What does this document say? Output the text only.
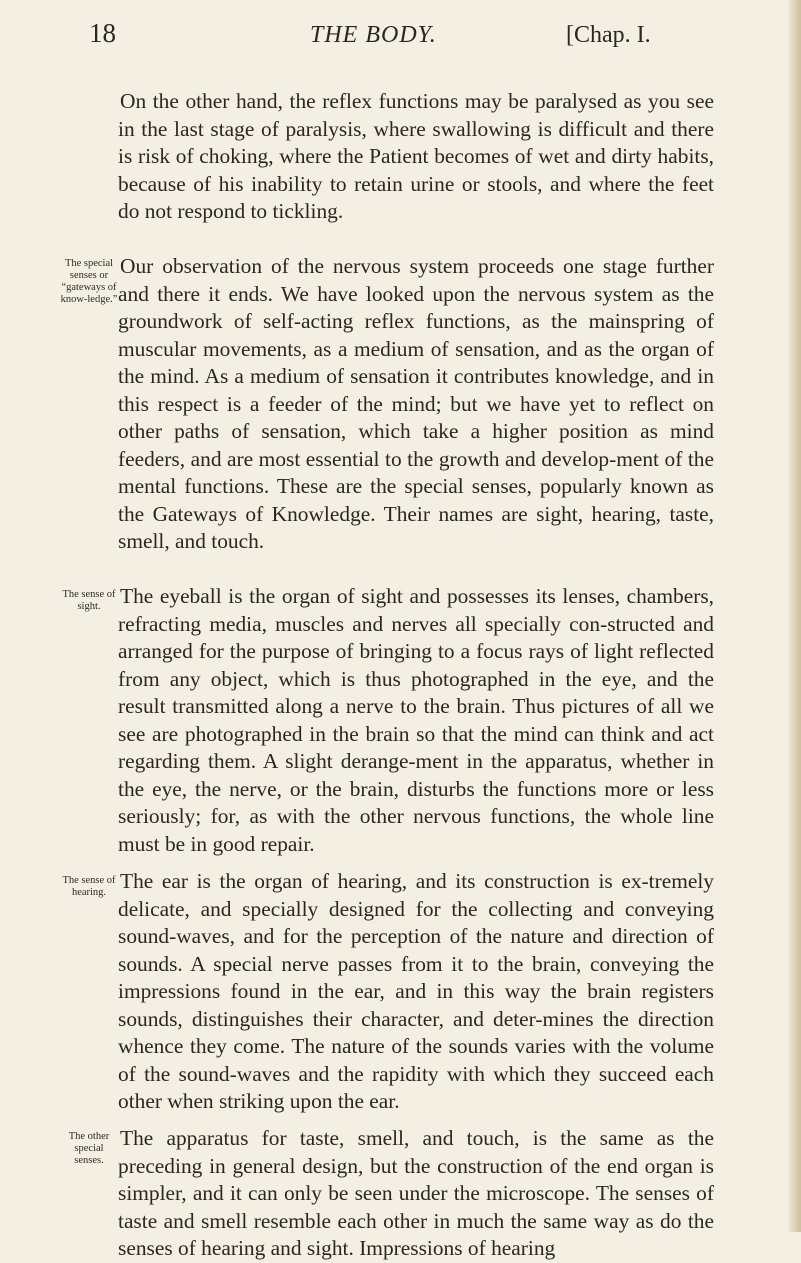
18	THE BODY.	[Chap. I.

On the other hand, the reflex functions may be paralysed as you see in the last stage of paralysis, where swallowing is difficult and there is risk of choking, where the Patient becomes of wet and dirty habits, because of his inability to retain urine or stools, and where the feet do not respond to tickling.

The special senses or “gateways of know-ledge.”

Our observation of the nervous system proceeds one stage further and there it ends. We have looked upon the nervous system as the groundwork of self-acting reflex functions, as the mainspring of muscular movements, as a medium of sensation, and as the organ of the mind. As a medium of sensation it contributes knowledge, and in this respect is a feeder of the mind; but we have yet to reflect on other paths of sensation, which take a higher position as mind feeders, and are most essential to the growth and develop-ment of the mental functions. These are the special senses, popularly known as the Gateways of Knowledge. Their names are sight, hearing, taste, smell, and touch.

The sense of sight. The eyeball is the organ of sight and possesses its lenses, chambers, refracting media, muscles and nerves all specially con-structed and arranged for the purpose of bringing to a focus rays of light reflected from any object, which is thus photographed in the eye, and the result transmitted along a nerve to the brain. Thus pictures of all we see are photographed in the brain so that the mind can think and act regarding them. A slight derange-ment in the apparatus, whether in the eye, the nerve, or the brain, disturbs the functions more or less seriously; for, as with the other nervous functions, the whole line must be in good repair.

The sense of hearing. The ear is the organ of hearing, and its construction is ex-tremely delicate, and specially designed for the collecting and conveying sound-waves, and for the perception of the nature and direction of sounds. A special nerve passes from it to the brain, conveying the impressions found in the ear, and in this way the brain registers sounds, distinguishes their character, and deter-mines the direction whence they come. The nature of the sounds varies with the volume of the sound-waves and the rapidity with which they succeed each other when striking upon the ear.

The other special senses.

The apparatus for taste, smell, and touch, is the same as the preceding in general design, but the construction of the end organ is simpler, and it can only be seen under the microscope. The senses of taste and smell resemble each other in much the same way as do the senses of hearing and sight. Impressions of hearing
